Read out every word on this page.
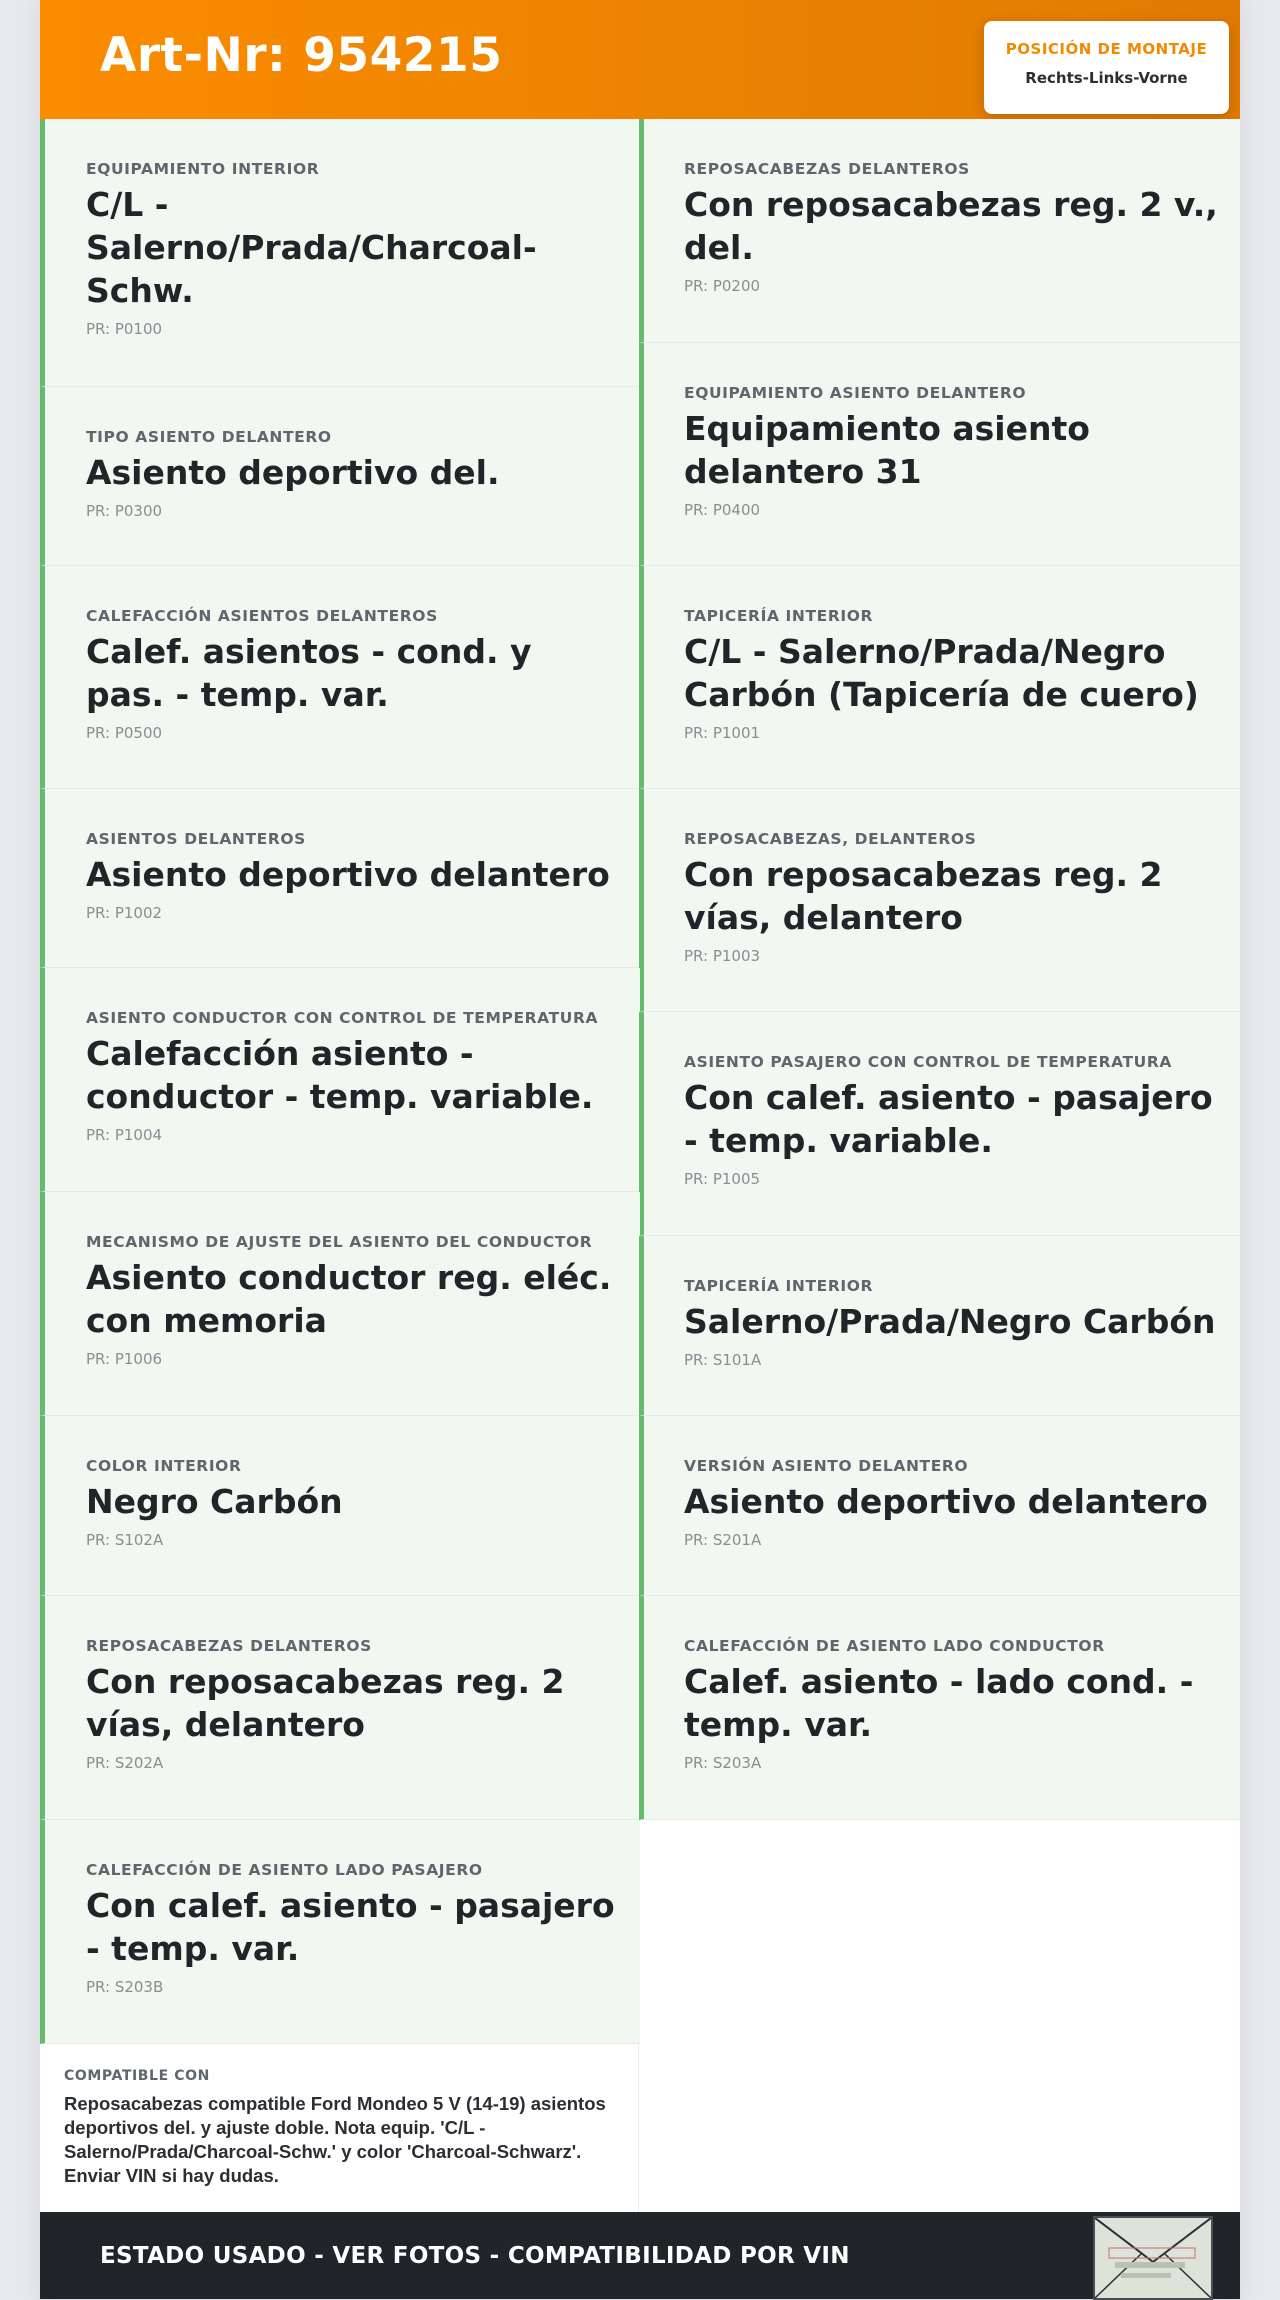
Art-Nr: 954215	POSICIÓN DE MONTAJE
Rechts-Links-Vorne
EQUIPAMIENTO INTERIOR
C/L - Salerno/Prada/Charcoal-Schw.
PR: P0100
REPOSACABEZAS DELANTEROS
Con reposacabezas reg. 2 v., del.
PR: P0200
TIPO ASIENTO DELANTERO
Asiento deportivo del.
PR: P0300
EQUIPAMIENTO ASIENTO DELANTERO
Equipamiento asiento delantero 31
PR: P0400
CALEFACCIÓN ASIENTOS DELANTEROS
Calef. asientos - cond. y pas. - temp. var.
PR: P0500
TAPICERÍA INTERIOR
C/L - Salerno/Prada/Negro Carbón (Tapicería de cuero)
PR: P1001
ASIENTOS DELANTEROS
Asiento deportivo delantero
PR: P1002
REPOSACABEZAS, DELANTEROS
Con reposacabezas reg. 2 vías, delantero
PR: P1003
ASIENTO CONDUCTOR CON CONTROL DE TEMPERATURA
Calefacción asiento - conductor - temp. variable.
PR: P1004
ASIENTO PASAJERO CON CONTROL DE TEMPERATURA
Con calef. asiento - pasajero - temp. variable.
PR: P1005
MECANISMO DE AJUSTE DEL ASIENTO DEL CONDUCTOR
Asiento conductor reg. eléc. con memoria
PR: P1006
TAPICERÍA INTERIOR
Salerno/Prada/Negro Carbón
PR: S101A
COLOR INTERIOR
Negro Carbón
PR: S102A
VERSIÓN ASIENTO DELANTERO
Asiento deportivo delantero
PR: S201A
REPOSACABEZAS DELANTEROS
Con reposacabezas reg. 2 vías, delantero
PR: S202A
CALEFACCIÓN DE ASIENTO LADO CONDUCTOR
Calef. asiento - lado cond. - temp. var.
PR: S203A
CALEFACCIÓN DE ASIENTO LADO PASAJERO
Con calef. asiento - pasajero - temp. var.
PR: S203B
COMPATIBLE CON
Reposacabezas compatible Ford Mondeo 5 V (14-19) asientos deportivos del. y ajuste doble. Nota equip. 'C/L - Salerno/Prada/Charcoal-Schw.' y color 'Charcoal-Schwarz'. Enviar VIN si hay dudas.
ESTADO USADO - VER FOTOS - COMPATIBILIDAD POR VIN
